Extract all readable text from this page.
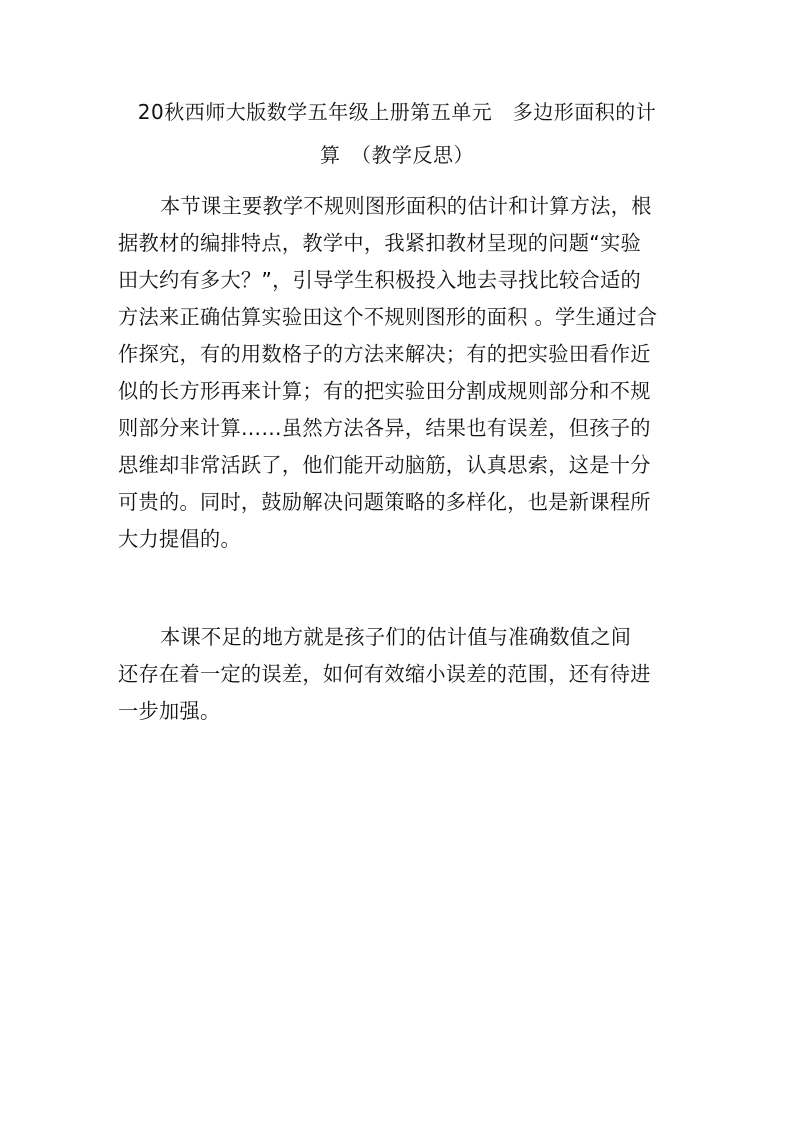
20秋西师大版数学五年级上册第五单元　多边形面积的计
算　（教学反思）
本节课主要教学不规则图形面积的估计和计算方法，根
据教材的编排特点，教学中，我紧扣教材呈现的问题“实验
田大约有多大？”，引导学生积极投入地去寻找比较合适的
方法来正确估算实验田这个不规则图形的面积 。学生通过合
作探究，有的用数格子的方法来解决；有的把实验田看作近
似的长方形再来计算；有的把实验田分割成规则部分和不规
则部分来计算……虽然方法各异，结果也有误差，但孩子的
思维却非常活跃了，他们能开动脑筋，认真思索，这是十分
可贵的。同时，鼓励解决问题策略的多样化，也是新课程所
大力提倡的。
本课不足的地方就是孩子们的估计值与准确数值之间
还存在着一定的误差，如何有效缩小误差的范围，还有待进
一步加强。
